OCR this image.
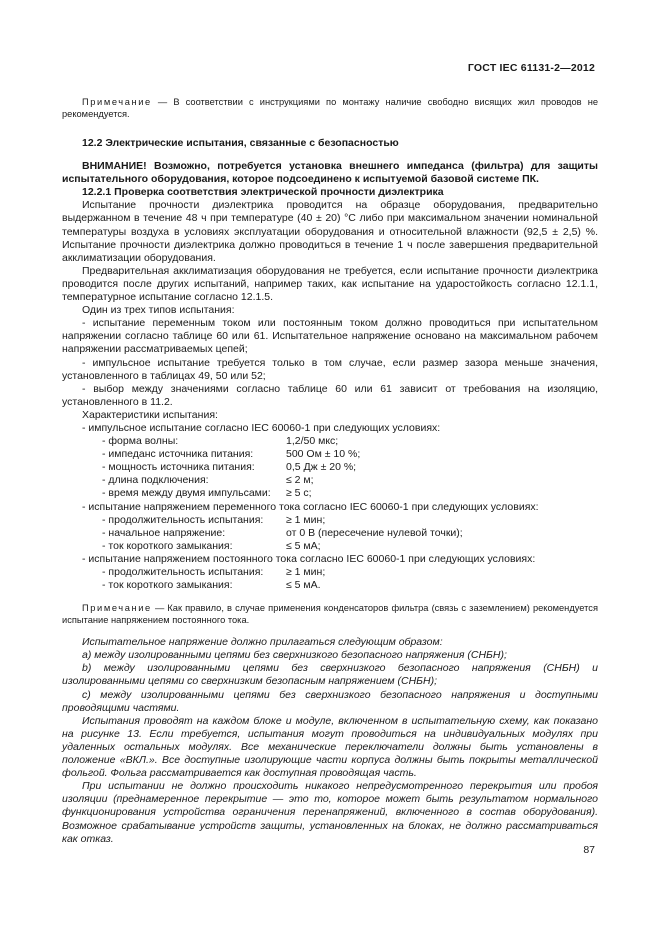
ГОСТ IEC 61131-2—2012

Примечание — В соответствии с инструкциями по монтажу наличие свободно висящих жил проводов не рекомендуется.

12.2 Электрические испытания, связанные с безопасностью

ВНИМАНИЕ! Возможно, потребуется установка внешнего импеданса (фильтра) для защиты испытательного оборудования, которое подсоединено к испытуемой базовой системе ПК.

12.2.1 Проверка соответствия электрической прочности диэлектрика

Испытание прочности диэлектрика проводится на образце оборудования, предварительно выдержанном в течение 48 ч при температуре (40 ± 20) °С либо при максимальном значении номинальной температуры воздуха в условиях эксплуатации оборудования и относительной влажности (92,5 ± 2,5) %. Испытание прочности диэлектрика должно проводиться в течение 1 ч после завершения предварительной акклиматизации оборудования.

Предварительная акклиматизация оборудования не требуется, если испытание прочности диэлектрика проводится после других испытаний, например таких, как испытание на ударостойкость согласно 12.1.1, температурное испытание согласно 12.1.5.

Один из трех типов испытания:

- испытание переменным током или постоянным током должно проводиться при испытательном напряжении согласно таблице 60 или 61. Испытательное напряжение основано на максимальном рабочем напряжении рассматриваемых цепей;

- импульсное испытание требуется только в том случае, если размер зазора меньше значения, установленного в таблицах 49, 50 или 52;

- выбор между значениями согласно таблице 60 или 61 зависит от требования на изоляцию, установленного в 11.2.

Характеристики испытания:

- импульсное испытание согласно IEC 60060-1 при следующих условиях:

- форма волны:	1,2/50 мкс;
- импеданс источника питания:	500 Ом ± 10 %;
- мощность источника питания:	0,5 Дж ± 20 %;
- длина подключения:	≤ 2 м;
- время между двумя импульсами:	≥ 5 с;

- испытание напряжением переменного тока согласно IEC 60060-1 при следующих условиях:

- продолжительность испытания:	≥ 1 мин;
- начальное напряжение:	от 0 В (пересечение нулевой точки);
- ток короткого замыкания:	≤ 5 мА;

- испытание напряжением постоянного тока согласно IEC 60060-1 при следующих условиях:

- продолжительность испытания:	≥ 1 мин;
- ток короткого замыкания:	≤ 5 мА.

Примечание — Как правило, в случае применения конденсаторов фильтра (связь с заземлением) рекомендуется испытание напряжением постоянного тока.

Испытательное напряжение должно прилагаться следующим образом:

a) между изолированными цепями без сверхнизкого безопасного напряжения (СНБН);

b) между изолированными цепями без сверхнизкого безопасного напряжения (СНБН) и изолированными цепями со сверхнизким безопасным напряжением (СНБН);

c) между изолированными цепями без сверхнизкого безопасного напряжения и доступными проводящими частями.

Испытания проводят на каждом блоке и модуле, включенном в испытательную схему, как показано на рисунке 13. Если требуется, испытания могут проводиться на индивидуальных модулях при удаленных остальных модулях. Все механические переключатели должны быть установлены в положение «ВКЛ.». Все доступные изолирующие части корпуса должны быть покрыты металлической фольгой. Фольга рассматривается как доступная проводящая часть.

При испытании не должно происходить никакого непредусмотренного перекрытия или пробоя изоляции (преднамеренное перекрытие — это то, которое может быть результатом нормального функционирования устройства ограничения перенапряжений, включенного в состав оборудования). Возможное срабатывание устройств защиты, установленных на блоках, не должно рассматриваться как отказ.

87
